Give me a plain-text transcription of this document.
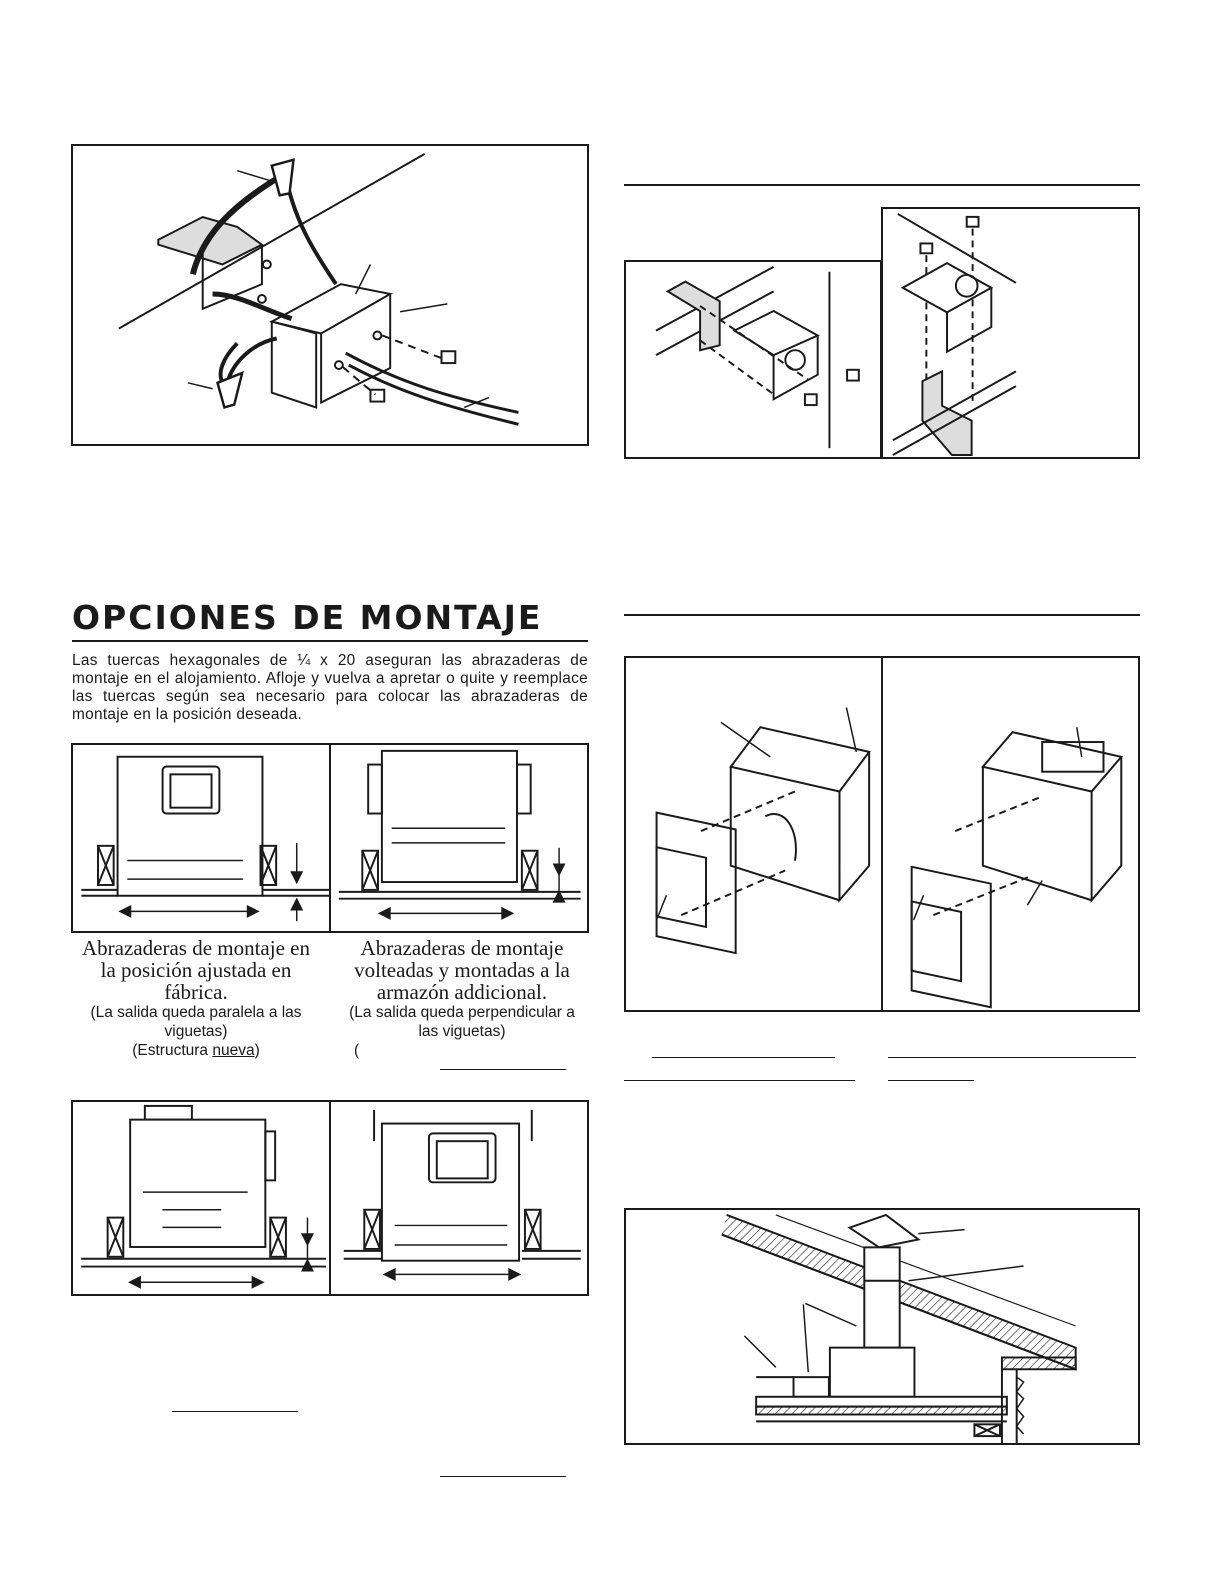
OPCIONES DE MONTAJE

Las tuercas hexagonales de ¼ x 20 aseguran las abrazaderas de montaje en el alojamiento. Afloje y vuelva a apretar o quite y reemplace las tuercas según sea necesario para colocar las abrazaderas de montaje en la posición deseada.

Abrazaderas de montaje en la posición ajustada en fábrica.
(La salida queda paralela a las viguetas)
(Estructura nueva)
Abrazaderas de montaje volteadas y montadas a la armazón addicional.
(La salida queda perpendicular a las viguetas)
(
